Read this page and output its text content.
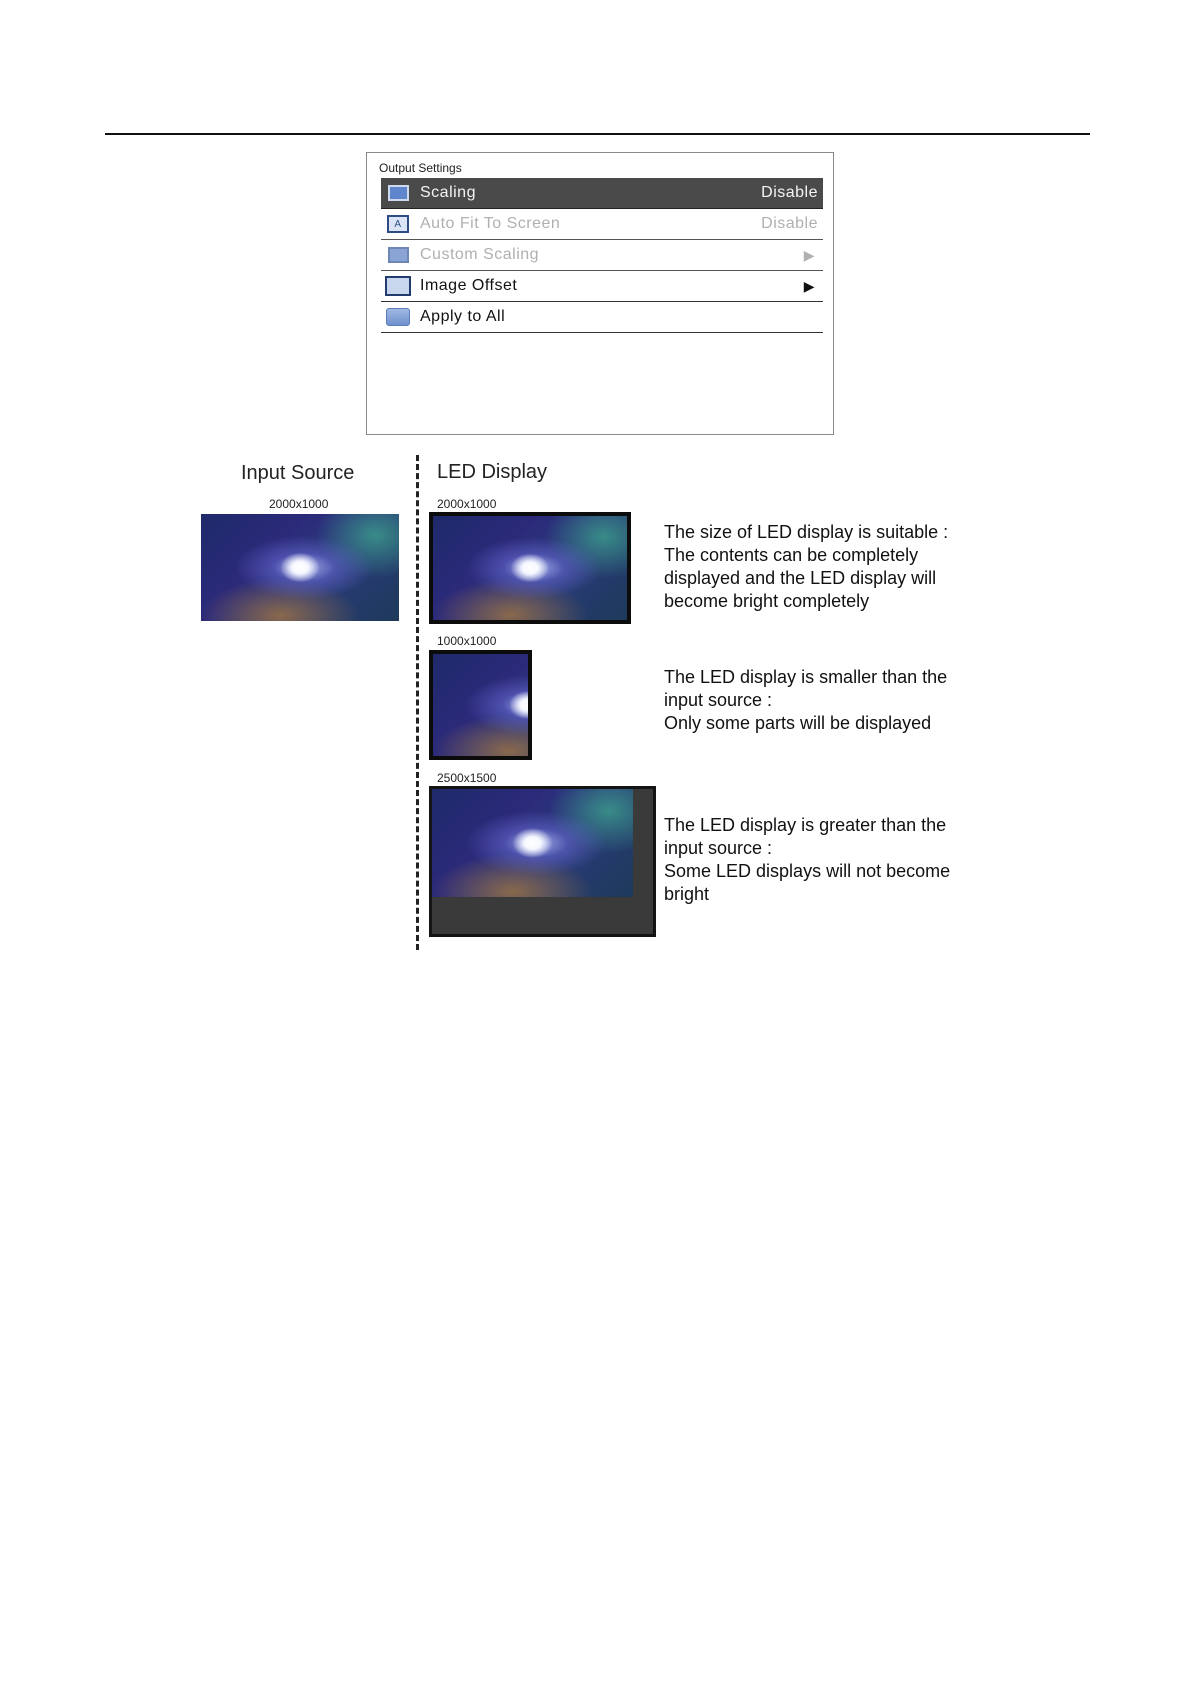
Output Settings
Scaling	Disable
A	Auto Fit To Screen	Disable
Custom Scaling	▶
Image Offset	▶
Apply to All
Input Source	LED Display
2000x1000	2000x1000
The size of LED display is suitable :
The contents can be completely
displayed and the LED display will
become bright completely
1000x1000
The LED display is smaller than the
input source :
Only some parts will be displayed
2500x1500
The LED display is greater than the
input source :
Some LED displays will not become
bright
